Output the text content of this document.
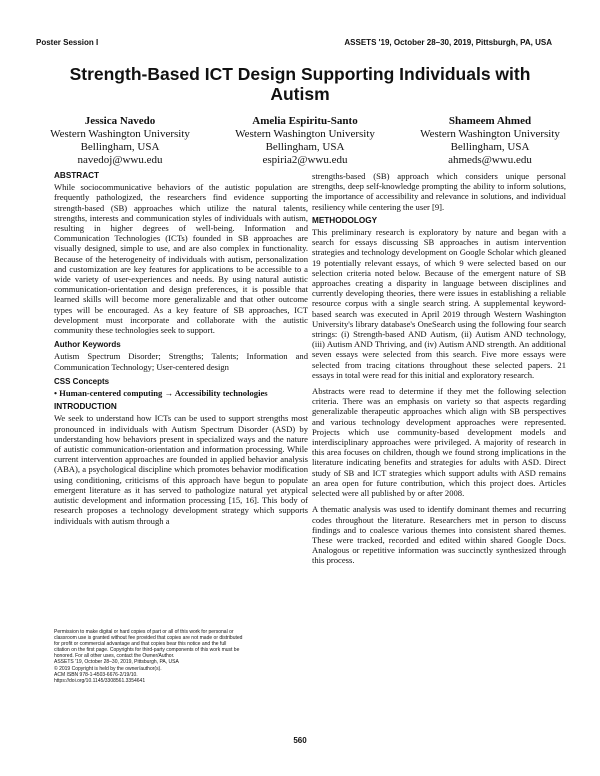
Poster Session I	ASSETS '19, October 28–30, 2019, Pittsburgh, PA, USA
Strength-Based ICT Design Supporting Individuals with Autism
Jessica Navedo
Western Washington University
Bellingham, USA
navedoj@wwu.edu
Amelia Espiritu-Santo
Western Washington University
Bellingham, USA
espiria2@wwu.edu
Shameem Ahmed
Western Washington University
Bellingham, USA
ahmeds@wwu.edu
ABSTRACT

While sociocommunicative behaviors of the autistic population are frequently pathologized, the researchers find evidence supporting strength-based (SB) approaches which utilize the natural talents, strengths, interests and communication styles of individuals with autism, resulting in higher degrees of well-being. Information and Communication Technologies (ICTs) founded in SB approaches are visually designed, simple to use, and are also complex in functionality. Because of the heterogeneity of individuals with autism, personalization and customization are key features for applications to be accessible to a wide variety of user-experiences and needs. By using natural autistic communication-orientation and design preferences, it is possible that learned skills will become more generalizable and that other outcome types will be encouraged. As a key feature of SB approaches, ICT development must incorporate and collaborate with the autistic community these technologies seek to support.

Author Keywords

Autism Spectrum Disorder; Strengths; Talents; Information and Communication Technology; User-centered design

CSS Concepts

• Human-centered computing → Accessibility technologies

INTRODUCTION

We seek to understand how ICTs can be used to support strengths most pronounced in individuals with Autism Spectrum Disorder (ASD) by understanding how behaviors present in specialized ways and the nature of autistic communication-orientation and information processing. While current intervention approaches are founded in applied behavior analysis (ABA), a psychological discipline which promotes behavior modification using conditioning, criticisms of this approach have begun to populate emergent literature as it has served to pathologize natural yet atypical autistic development and information processing [15, 16]. This body of research proposes a technology development strategy which supports individuals with autism through a

Permission to make digital or hard copies of part or all of this work for personal or
classroom use is granted without fee provided that copies are not made or distributed
for profit or commercial advantage and that copies bear this notice and the full
citation on the first page. Copyrights for third-party components of this work must be
honored. For all other uses, contact the Owner/Author.
ASSETS '19, October 28–30, 2019, Pittsburgh, PA, USA
© 2019 Copyright is held by the owner/author(s).
ACM ISBN 978-1-4503-6676-2/19/10.
https://doi.org/10.1145/3308561.3354641

strengths-based (SB) approach which considers unique personal strengths, deep self-knowledge prompting the ability to inform solutions, the importance of accessibility and relevance in solutions, and individual resiliency while centering the user [9].

METHODOLOGY

This preliminary research is exploratory by nature and began with a search for essays discussing SB approaches in autism intervention strategies and technology development on Google Scholar which gleaned 19 potentially relevant essays, of which 9 were selected based on our selection criteria noted below. Because of the emergent nature of SB approaches creating a disparity in language between disciplines and currently developing theories, there were issues in establishing a reliable resource corpus with a single search string. A supplemental keyword-based search was executed in April 2019 through Western Washington University's library database's OneSearch using the following four search strings: (i) Strength-based AND Autism, (ii) Autism AND technology, (iii) Autism AND Thriving, and (iv) Autism AND strength. An additional seven essays were selected from this search. Five more essays were selected from tracing citations throughout these selected papers. 21 essays in total were read for this initial and exploratory research.

Abstracts were read to determine if they met the following selection criteria. There was an emphasis on variety so that aspects regarding generalizable therapeutic approaches which align with SB perspectives and various technology development approaches were represented. Projects which use community-based development models and interdisciplinary approaches were privileged. A majority of research in this area focuses on children, though we found strong implications in the literature indicating benefits and strategies for adults with ASD. Direct study of SB and ICT strategies which support adults with ASD remains an area open for future contribution, which this project does. Articles selected were all published by or after 2008.

A thematic analysis was used to identify dominant themes and recurring codes throughout the literature. Researchers met in person to discuss findings and to coalesce various themes into consistent shared themes. These were tracked, recorded and edited within shared Google Docs. Analogous or repetitive information was succinctly synthesized through this process.

560
